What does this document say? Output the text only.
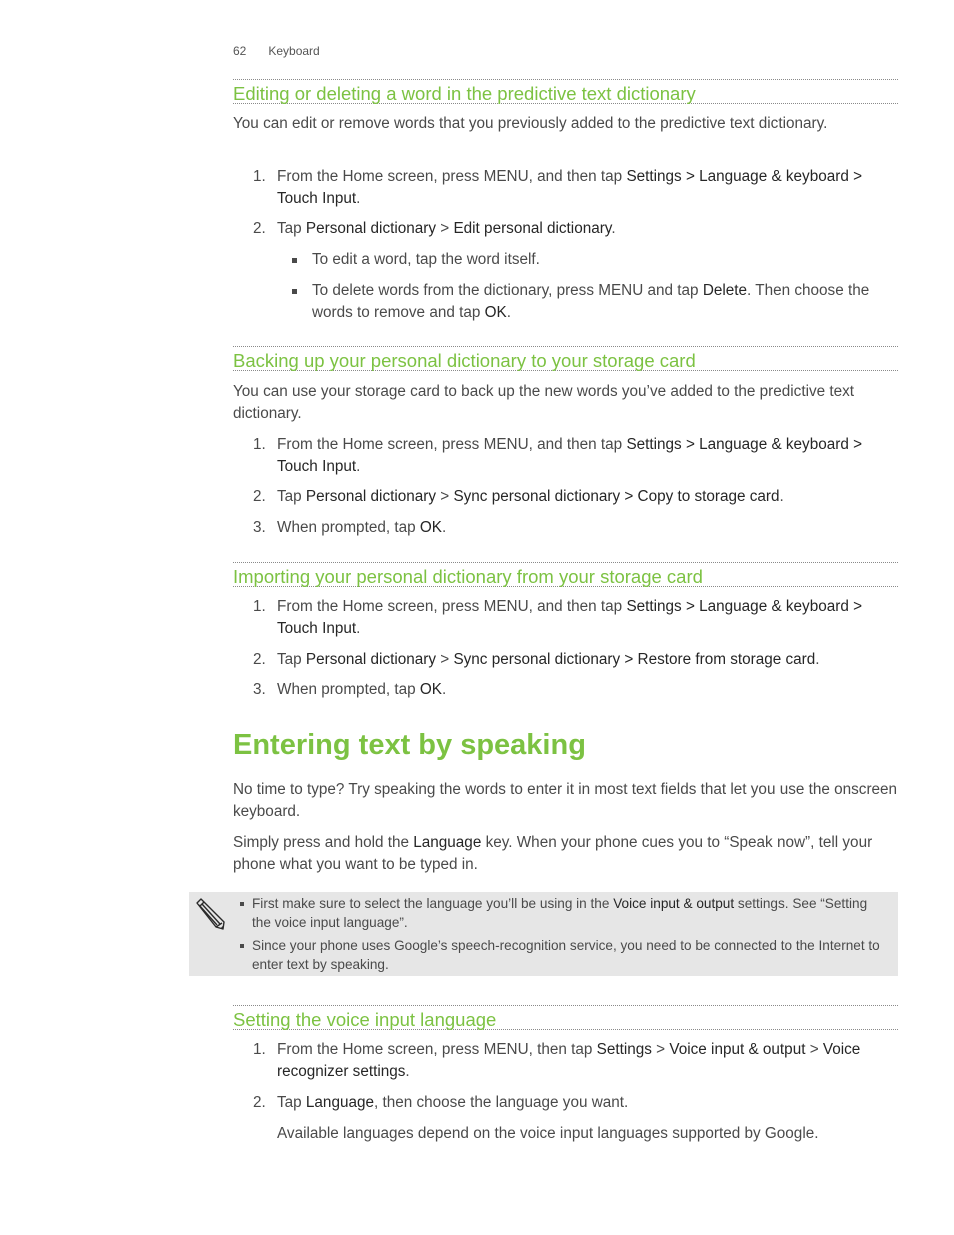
62 Keyboard
Editing or deleting a word in the predictive text dictionary
You can edit or remove words that you previously added to the predictive text dictionary.
1. From the Home screen, press MENU, and then tap Settings > Language & keyboard > Touch Input.
2. Tap Personal dictionary > Edit personal dictionary.
To edit a word, tap the word itself.
To delete words from the dictionary, press MENU and tap Delete. Then choose the words to remove and tap OK.
Backing up your personal dictionary to your storage card
You can use your storage card to back up the new words you’ve added to the predictive text dictionary.
1. From the Home screen, press MENU, and then tap Settings > Language & keyboard > Touch Input.
2. Tap Personal dictionary > Sync personal dictionary > Copy to storage card.
3. When prompted, tap OK.
Importing your personal dictionary from your storage card
1. From the Home screen, press MENU, and then tap Settings > Language & keyboard > Touch Input.
2. Tap Personal dictionary > Sync personal dictionary > Restore from storage card.
3. When prompted, tap OK.
Entering text by speaking
No time to type? Try speaking the words to enter it in most text fields that let you use the onscreen keyboard.
Simply press and hold the Language key. When your phone cues you to “Speak now”, tell your phone what you want to be typed in.
First make sure to select the language you’ll be using in the Voice input & output settings. See “Setting the voice input language”.
Since your phone uses Google’s speech-recognition service, you need to be connected to the Internet to enter text by speaking.
Setting the voice input language
1. From the Home screen, press MENU, then tap Settings > Voice input & output > Voice recognizer settings.
2. Tap Language, then choose the language you want.
Available languages depend on the voice input languages supported by Google.
